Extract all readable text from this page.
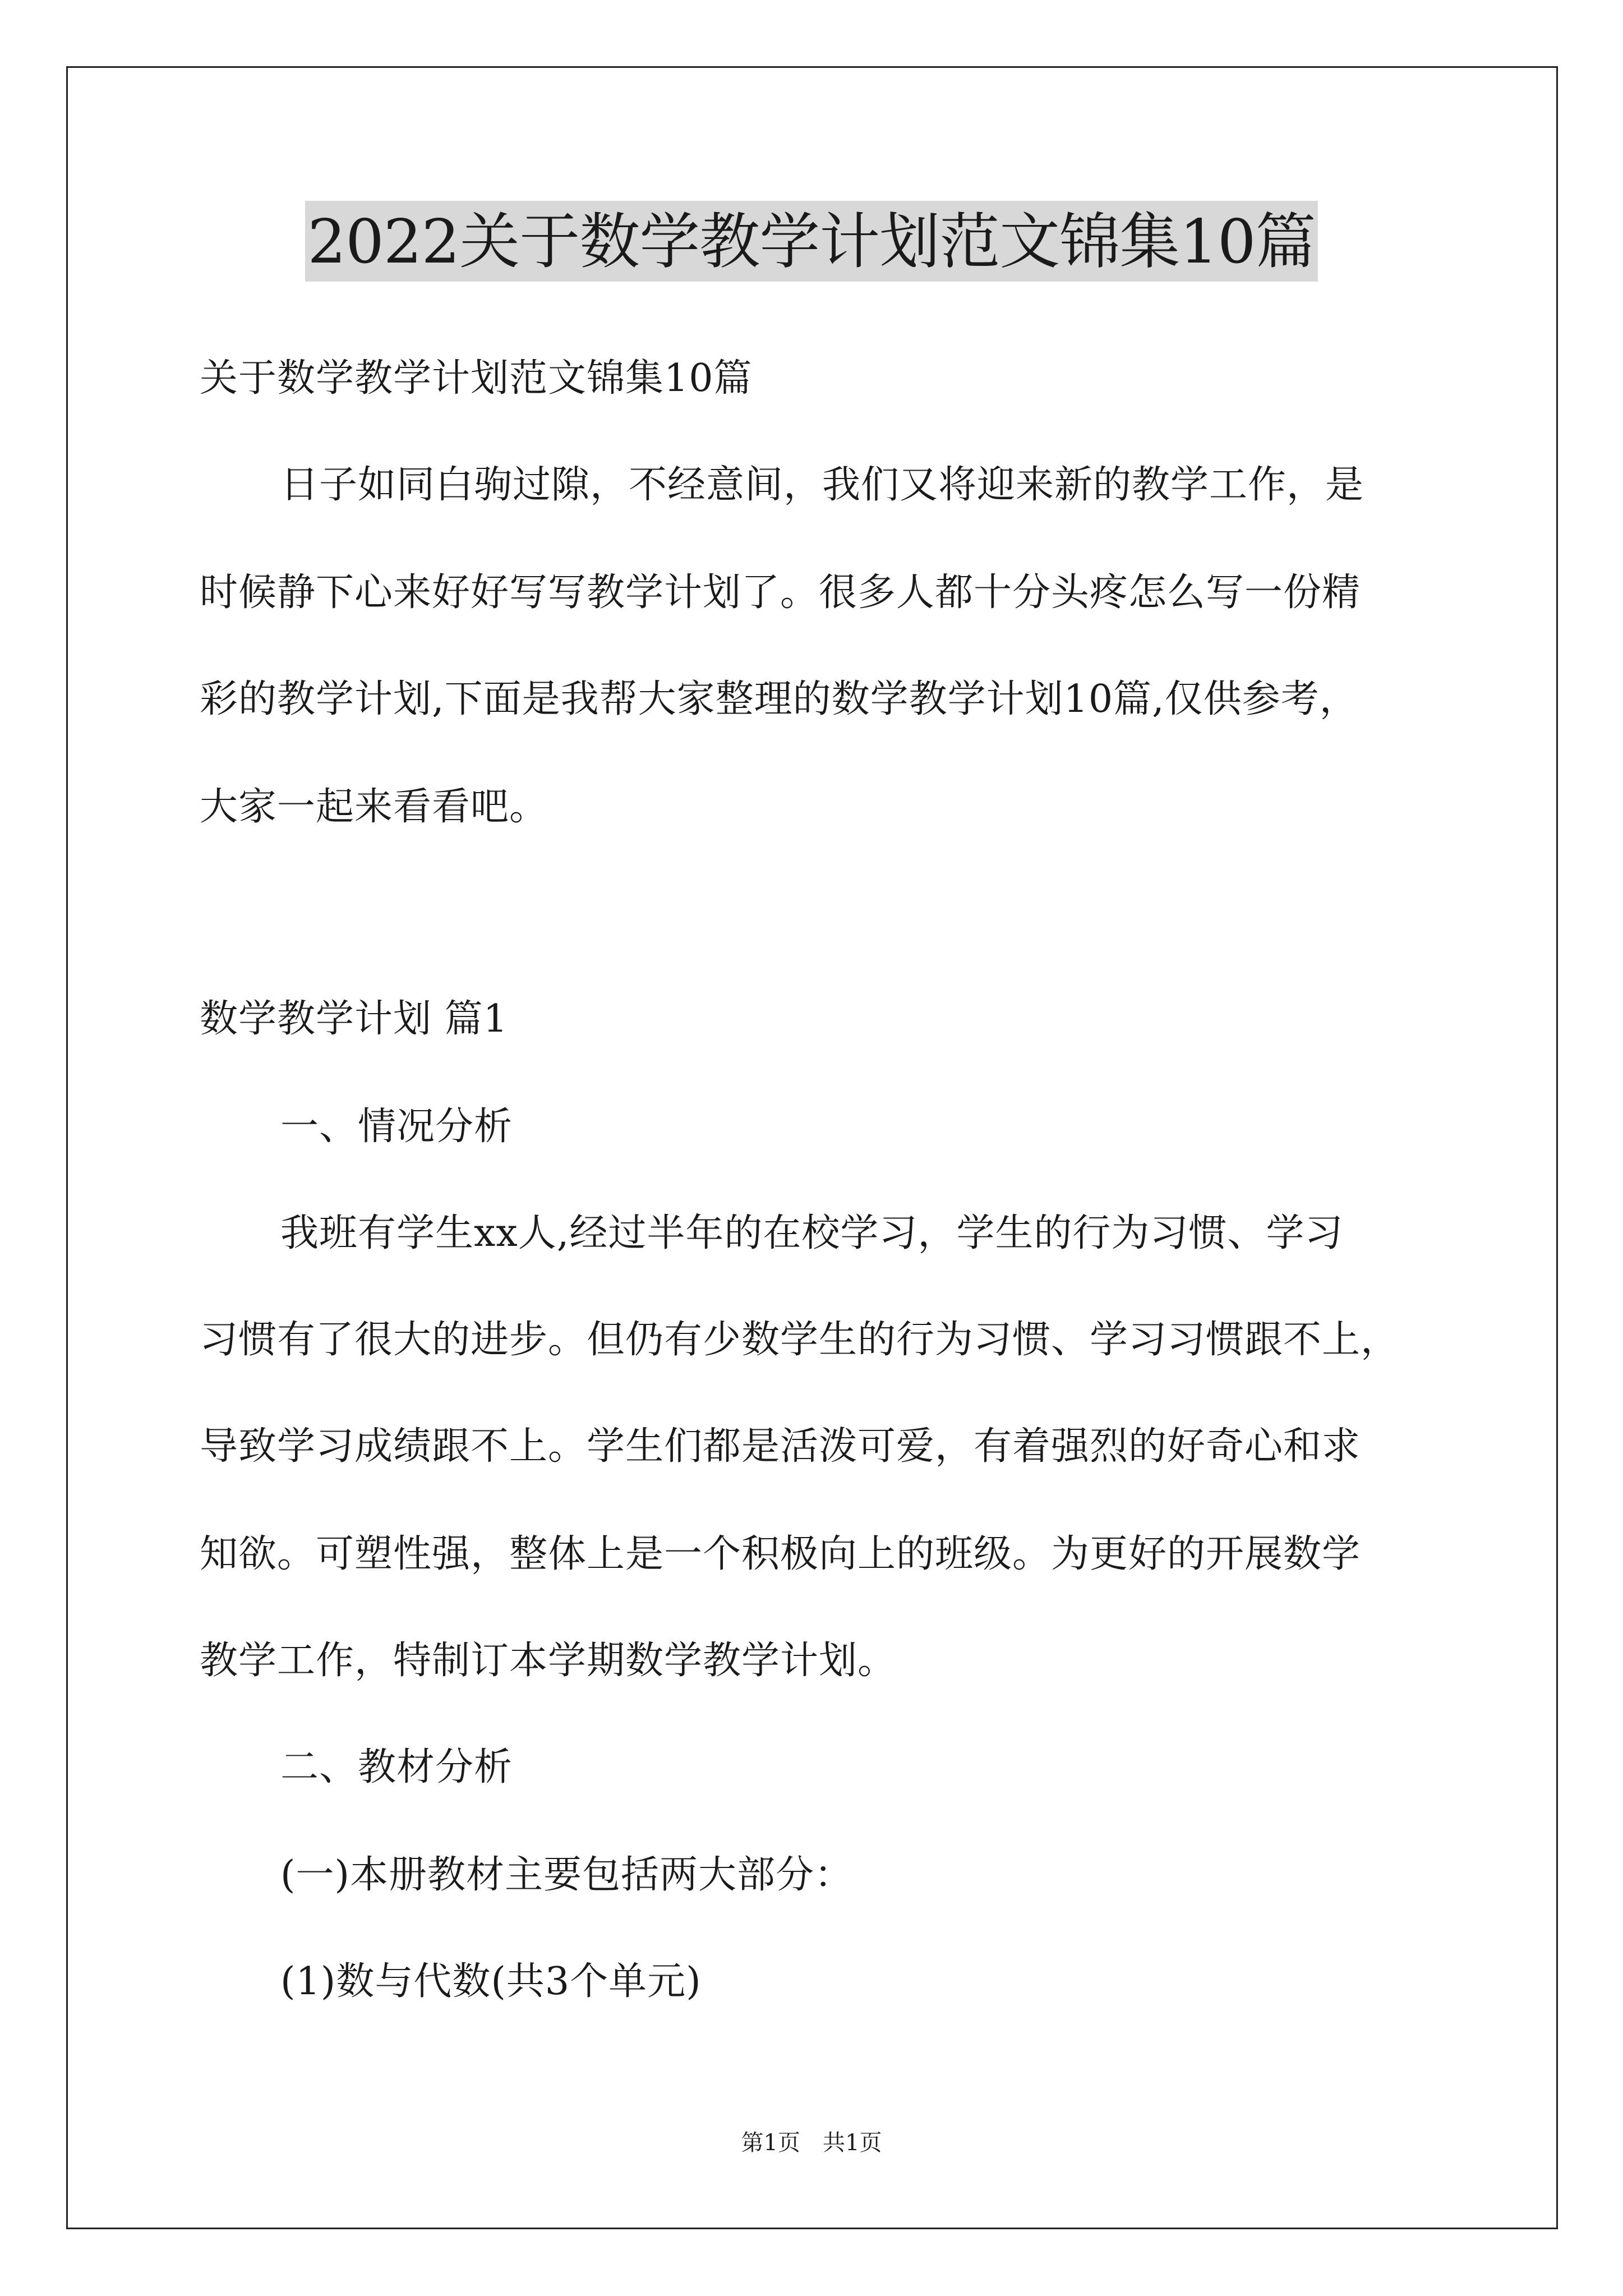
2022关于数学教学计划范文锦集10篇
关于数学教学计划范文锦集10篇
日子如同白驹过隙，不经意间，我们又将迎来新的教学工作，是
时候静下心来好好写写教学计划了。很多人都十分头疼怎么写一份精
彩的教学计划,下面是我帮大家整理的数学教学计划10篇,仅供参考，
大家一起来看看吧。
数学教学计划 篇1
一、情况分析
我班有学生xx人,经过半年的在校学习，学生的行为习惯、学习
习惯有了很大的进步。但仍有少数学生的行为习惯、学习习惯跟不上，
导致学习成绩跟不上。学生们都是活泼可爱，有着强烈的好奇心和求
知欲。可塑性强，整体上是一个积极向上的班级。为更好的开展数学
教学工作，特制订本学期数学教学计划。
二、教材分析
(一)本册教材主要包括两大部分：
(1)数与代数(共3个单元)
第1页　共1页
